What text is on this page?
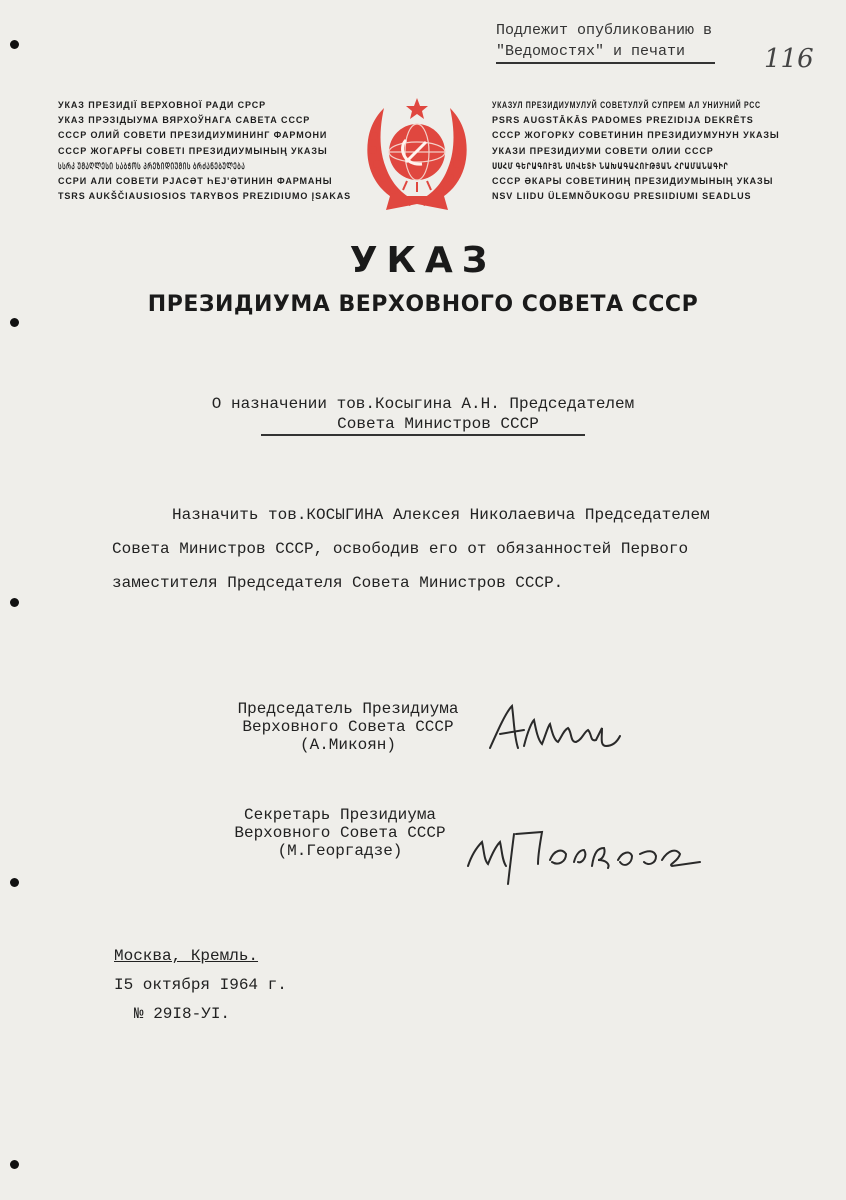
Подлежит опубликованию в
"Ведомостях" и печати	116
УКАЗ ПРЕЗИДІЇ ВЕРХОВНОЇ РАДИ СРСР
УКАЗ ПРЭЗІДЫУМА ВЯРХОЎНАГА САВЕТА СССР
СССР ОЛИЙ СОВЕТИ ПРЕЗИДИУМИНИНГ ФАРМОНИ
СССР ЖОГАРҒЫ СОВЕТІ ПРЕЗИДИУМЫНЫҢ УКАЗЫ
ᲡᲡᲠᲙ ᲣᲛᲐᲦᲚᲔᲡᲘ ᲡᲐᲑᲭᲝᲡ ᲞᲠᲔᲖᲘᲓᲘᲣᲛᲘᲡ ᲑᲠᲫᲐᲜᲔᲑᲣᲚᲔᲑᲐ
ССРИ АЛИ СОВЕТИ РЈАСӘТ ҺЕЈ'ӘТИНИН ФАРМАНЫ
TSRS AUKŠČIAUSIOSIOS TARYBOS PREZIDIUMO ĮSAKAS
УКАЗУЛ ПРЕЗИДИУМУЛУЙ СОВЕТУЛУЙ СУПРЕМ АЛ УНИУНИЙ РСС
PSRS AUGSTĀKĀS PADOMES PREZIDIJA DEKRĒTS
СССР ЖОГОРКУ СОВЕТИНИН ПРЕЗИДИУМУНУН УКАЗЫ
УКАЗИ ПРЕЗИДИУМИ СОВЕТИ ОЛИИ СССР
ՍՍՀՄ ԳԵՐԱԳՈՒՅՆ ՍՈՎԵՏԻ ՆԱԽԱԳԱՀՈՒԹՅԱՆ ՀՐԱՄԱՆԱԳԻՐ
СССР ӘКАРЫ СОВЕТИНИҢ ПРЕЗИДИУМЫНЫҢ УКАЗЫ
NSV LIIDU ÜLEMNÕUKOGU PRESIIDIUMI SEADLUS
УКАЗ
ПРЕЗИДИУМА ВЕРХОВНОГО СОВЕТА СССР
О назначении тов.Косыгина А.Н. Председателем
Совета Министров СССР
Назначить тов.КОСЫГИНА Алексея Николаевича Председателем
Совета Министров СССР, освободив его от обязанностей Первого
заместителя Председателя Совета Министров СССР.
Председатель Президиума
Верховного Совета СССР
(А.Микоян)
Секретарь Президиума
Верховного Совета СССР
(М.Георгадзе)
Москва, Кремль.
I5 октября I964 г.
№ 29I8-УI.
